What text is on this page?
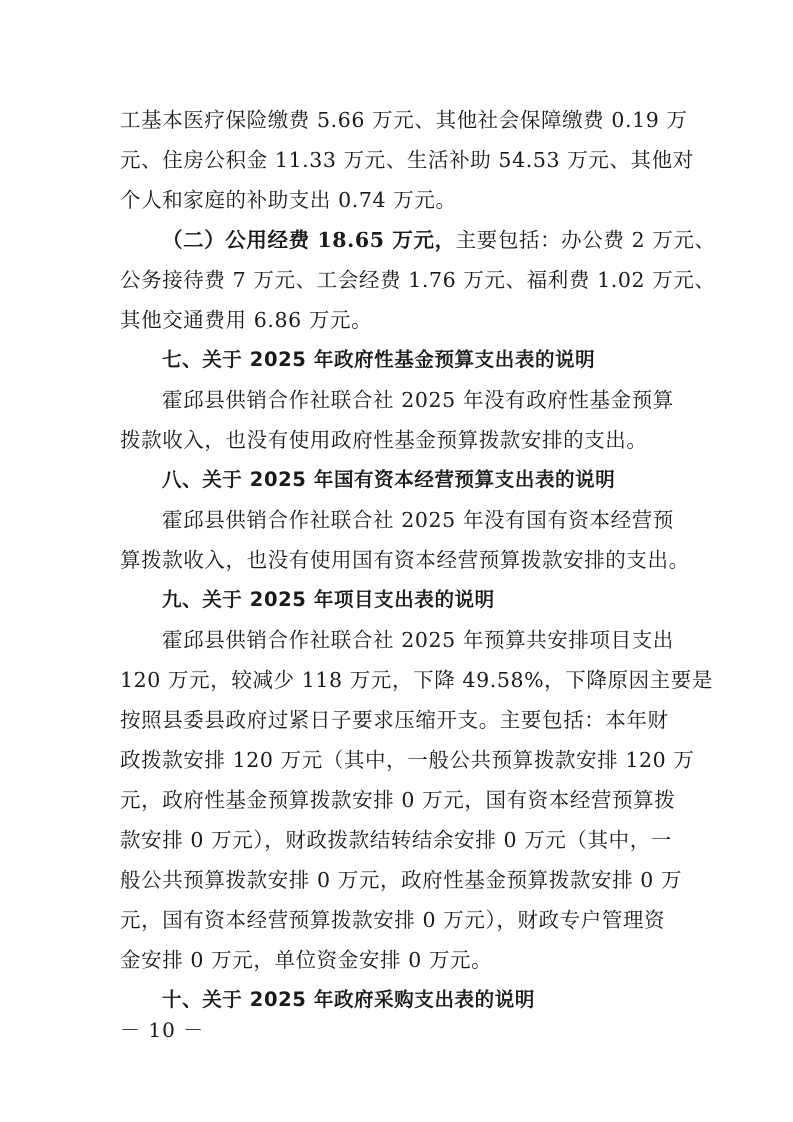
工基本医疗保险缴费 5.66 万元、其他社会保障缴费 0.19 万
元、住房公积金 11.33 万元、生活补助 54.53 万元、其他对
个人和家庭的补助支出 0.74 万元。
（二）公用经费 18.65 万元，主要包括：办公费 2 万元、
公务接待费 7 万元、工会经费 1.76 万元、福利费 1.02 万元、
其他交通费用 6.86 万元。
七、关于 2025 年政府性基金预算支出表的说明
霍邱县供销合作社联合社 2025 年没有政府性基金预算
拨款收入，也没有使用政府性基金预算拨款安排的支出。
八、关于 2025 年国有资本经营预算支出表的说明
霍邱县供销合作社联合社 2025 年没有国有资本经营预
算拨款收入，也没有使用国有资本经营预算拨款安排的支出。
九、关于 2025 年项目支出表的说明
霍邱县供销合作社联合社 2025 年预算共安排项目支出
120 万元，较减少 118 万元，下降 49.58%，下降原因主要是
按照县委县政府过紧日子要求压缩开支。主要包括：本年财
政拨款安排 120 万元（其中，一般公共预算拨款安排 120 万
元，政府性基金预算拨款安排 0 万元，国有资本经营预算拨
款安排 0 万元），财政拨款结转结余安排 0 万元（其中，一
般公共预算拨款安排 0 万元，政府性基金预算拨款安排 0 万
元，国有资本经营预算拨款安排 0 万元），财政专户管理资
金安排 0 万元，单位资金安排 0 万元。
十、关于 2025 年政府采购支出表的说明
－ 10 －
